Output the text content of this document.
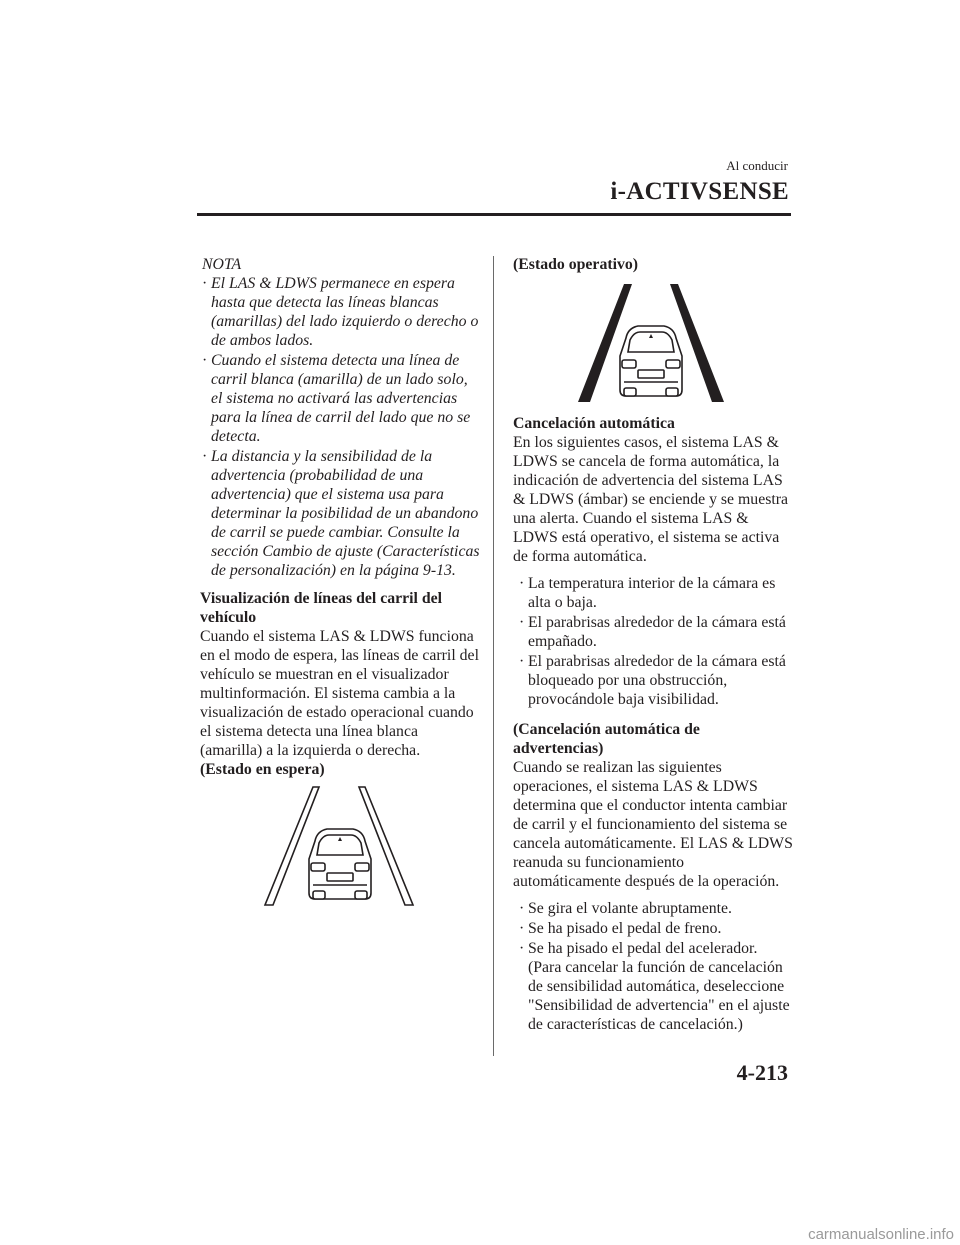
Al conducir
i-ACTIVSENSE

NOTA

· El LAS & LDWS permanece en espera hasta que detecta las líneas blancas (amarillas) del lado izquierdo o derecho o de ambos lados.
· Cuando el sistema detecta una línea de carril blanca (amarilla) de un lado solo, el sistema no activará las advertencias para la línea de carril del lado que no se detecta.
· La distancia y la sensibilidad de la advertencia (probabilidad de una advertencia) que el sistema usa para determinar la posibilidad de un abandono de carril se puede cambiar. Consulte la sección Cambio de ajuste (Características de personalización) en la página 9-13.

Visualización de líneas del carril del vehículo

Cuando el sistema LAS & LDWS funciona en el modo de espera, las líneas de carril del vehículo se muestran en el visualizador multinformación. El sistema cambia a la visualización de estado operacional cuando el sistema detecta una línea blanca (amarilla) a la izquierda o derecha.

(Estado en espera)

(Estado operativo)

Cancelación automática

En los siguientes casos, el sistema LAS & LDWS se cancela de forma automática, la indicación de advertencia del sistema LAS & LDWS (ámbar) se enciende y se muestra una alerta. Cuando el sistema LAS & LDWS está operativo, el sistema se activa de forma automática.

· La temperatura interior de la cámara es alta o baja.
· El parabrisas alrededor de la cámara está empañado.
· El parabrisas alrededor de la cámara está bloqueado por una obstrucción, provocándole baja visibilidad.

(Cancelación automática de advertencias)

Cuando se realizan las siguientes operaciones, el sistema LAS & LDWS determina que el conductor intenta cambiar de carril y el funcionamiento del sistema se cancela automáticamente. El LAS & LDWS reanuda su funcionamiento automáticamente después de la operación.

· Se gira el volante abruptamente.
· Se ha pisado el pedal de freno.
· Se ha pisado el pedal del acelerador. (Para cancelar la función de cancelación de sensibilidad automática, deseleccione "Sensibilidad de advertencia" en el ajuste de características de cancelación.)
4-213
carmanualsonline.info
